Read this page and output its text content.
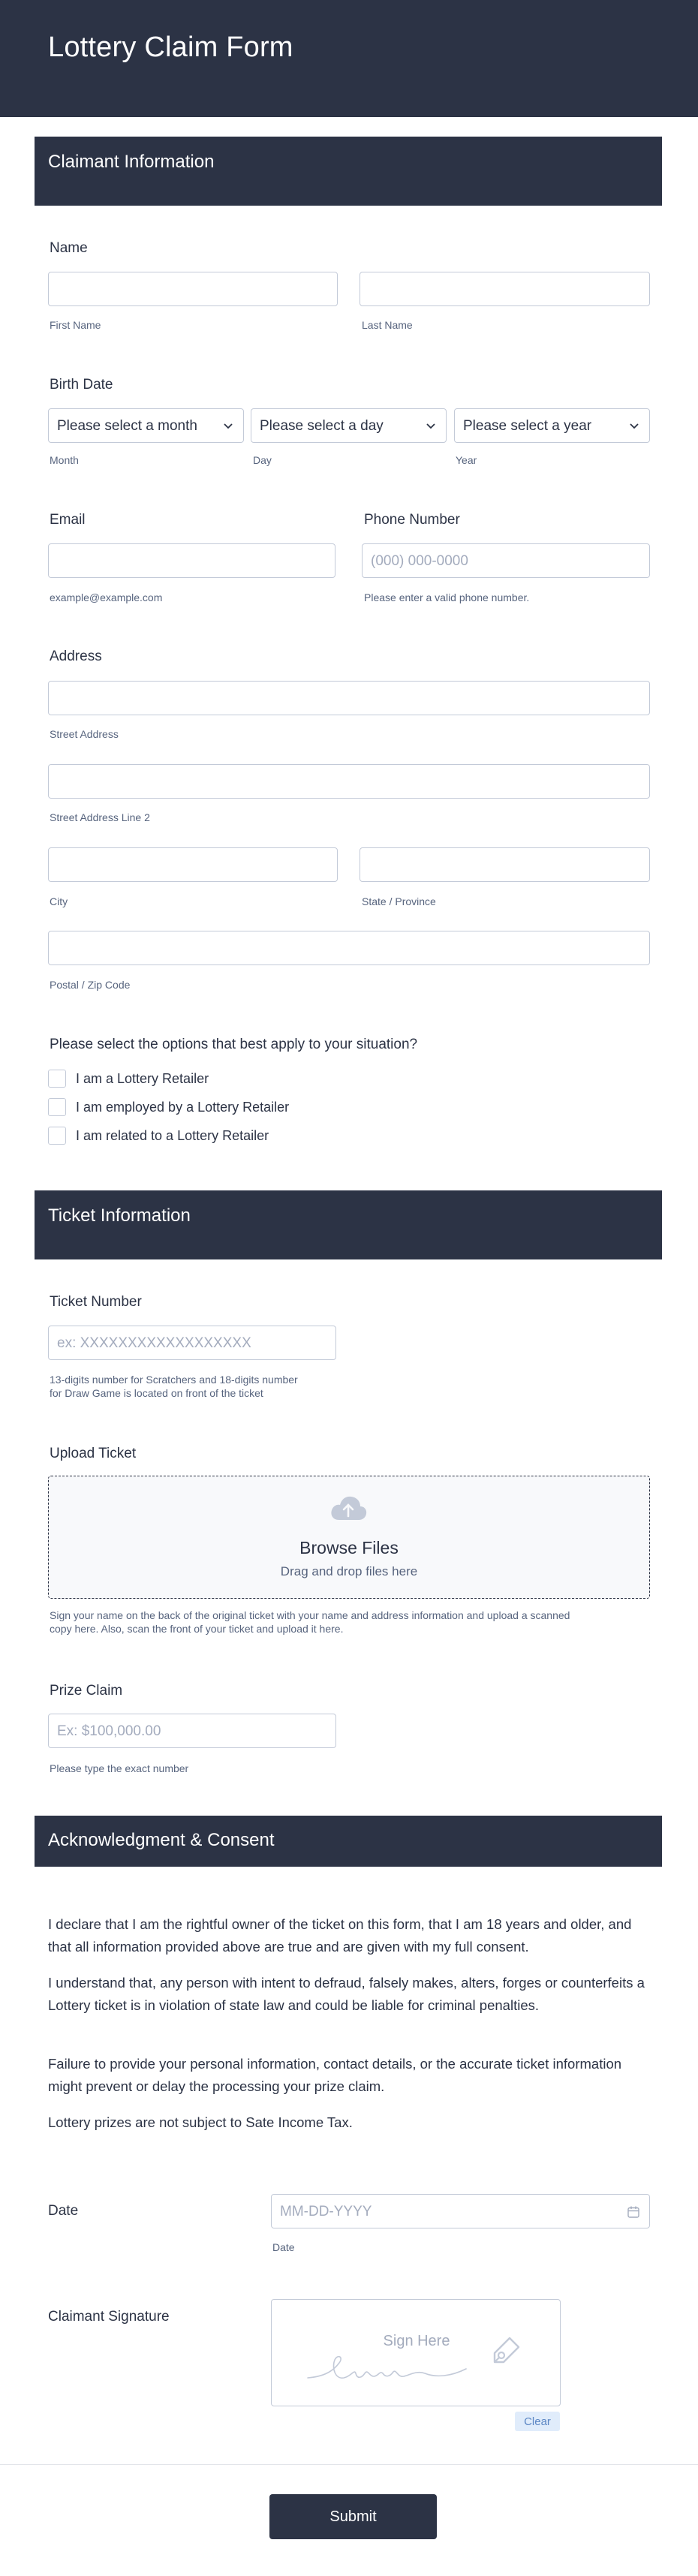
Lottery Claim Form
Claimant Information
Name
First Name	Last Name
Birth Date
Please select a month	Please select a day	Please select a year
Month	Day	Year
Email
example@example.com
Phone Number
(000) 000-0000
Please enter a valid phone number.
Address
Street Address
Street Address Line 2
City	State / Province
Postal / Zip Code
Please select the options that best apply to your situation?
I am a Lottery Retailer
I am employed by a Lottery Retailer
I am related to a Lottery Retailer
Ticket Information
Ticket Number
ex: XXXXXXXXXXXXXXXXXX
13-digits number for Scratchers and 18-digits number
for Draw Game is located on front of the ticket
Upload Ticket
Browse Files
Drag and drop files here
Sign your name on the back of the original ticket with your name and address information and upload a scanned
copy here. Also, scan the front of your ticket and upload it here.
Prize Claim
Ex: $100,000.00
Please type the exact number
Acknowledgment & Consent
I declare that I am the rightful owner of the ticket on this form, that I am 18 years and older, and that all information provided above are true and are given with my full consent.
I understand that, any person with intent to defraud, falsely makes, alters, forges or counterfeits a Lottery ticket is in violation of state law and could be liable for criminal penalties.
Failure to provide your personal information, contact details, or the accurate ticket information might prevent or delay the processing your prize claim.
Lottery prizes are not subject to Sate Income Tax.
Date	MM-DD-YYYY
Date
Claimant Signature
Sign Here
Clear
Submit
